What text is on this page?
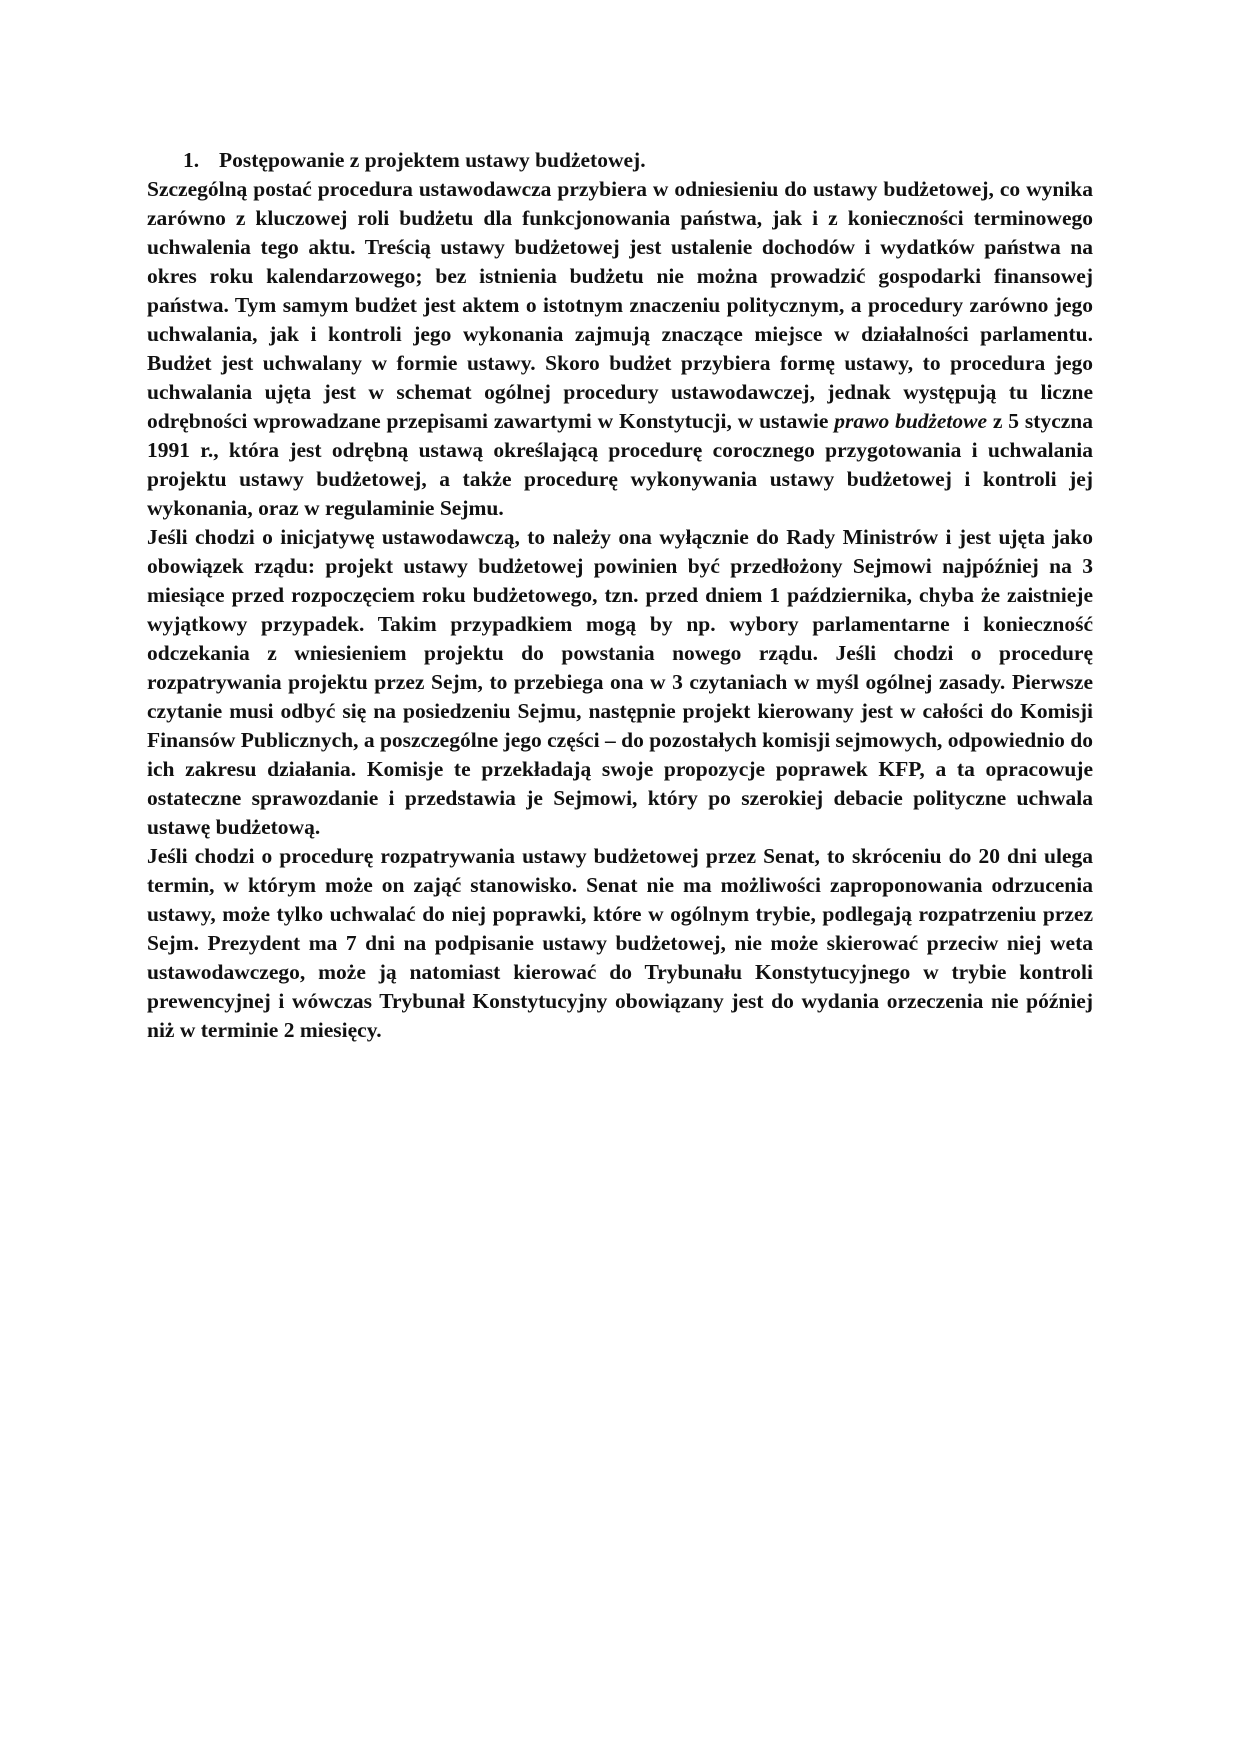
1. Postępowanie z projektem ustawy budżetowej.

Szczególną postać procedura ustawodawcza przybiera w odniesieniu do ustawy budżetowej, co wynika zarówno z kluczowej roli budżetu dla funkcjonowania państwa, jak i z konieczności terminowego uchwalenia tego aktu. Treścią ustawy budżetowej jest ustalenie dochodów i wydatków państwa na okres roku kalendarzowego; bez istnienia budżetu nie można prowadzić gospodarki finansowej państwa. Tym samym budżet jest aktem o istotnym znaczeniu politycznym, a procedury zarówno jego uchwalania, jak i kontroli jego wykonania zajmują znaczące miejsce w działalności parlamentu. Budżet jest uchwalany w formie ustawy. Skoro budżet przybiera formę ustawy, to procedura jego uchwalania ujęta jest w schemat ogólnej procedury ustawodawczej, jednak występują tu liczne odrębności wprowadzane przepisami zawartymi w Konstytucji, w ustawie prawo budżetowe z 5 styczna 1991 r., która jest odrębną ustawą określającą procedurę corocznego przygotowania i uchwalania projektu ustawy budżetowej, a także procedurę wykonywania ustawy budżetowej i kontroli jej wykonania, oraz w regulaminie Sejmu.

Jeśli chodzi o inicjatywę ustawodawczą, to należy ona wyłącznie do Rady Ministrów i jest ujęta jako obowiązek rządu: projekt ustawy budżetowej powinien być przedłożony Sejmowi najpóźniej na 3 miesiące przed rozpoczęciem roku budżetowego, tzn. przed dniem 1 października, chyba że zaistnieje wyjątkowy przypadek. Takim przypadkiem mogą by np. wybory parlamentarne i konieczność odczekania z wniesieniem projektu do powstania nowego rządu. Jeśli chodzi o procedurę rozpatrywania projektu przez Sejm, to przebiega ona w 3 czytaniach w myśl ogólnej zasady. Pierwsze czytanie musi odbyć się na posiedzeniu Sejmu, następnie projekt kierowany jest w całości do Komisji Finansów Publicznych, a poszczególne jego części – do pozostałych komisji sejmowych, odpowiednio do ich zakresu działania. Komisje te przekładają swoje propozycje poprawek KFP, a ta opracowuje ostateczne sprawozdanie i przedstawia je Sejmowi, który po szerokiej debacie polityczne uchwala ustawę budżetową.

Jeśli chodzi o procedurę rozpatrywania ustawy budżetowej przez Senat, to skróceniu do 20 dni ulega termin, w którym może on zająć stanowisko. Senat nie ma możliwości zaproponowania odrzucenia ustawy, może tylko uchwalać do niej poprawki, które w ogólnym trybie, podlegają rozpatrzeniu przez Sejm. Prezydent ma 7 dni na podpisanie ustawy budżetowej, nie może skierować przeciw niej weta ustawodawczego, może ją natomiast kierować do Trybunału Konstytucyjnego w trybie kontroli prewencyjnej i wówczas Trybunał Konstytucyjny obowiązany jest do wydania orzeczenia nie później niż w terminie 2 miesięcy.
